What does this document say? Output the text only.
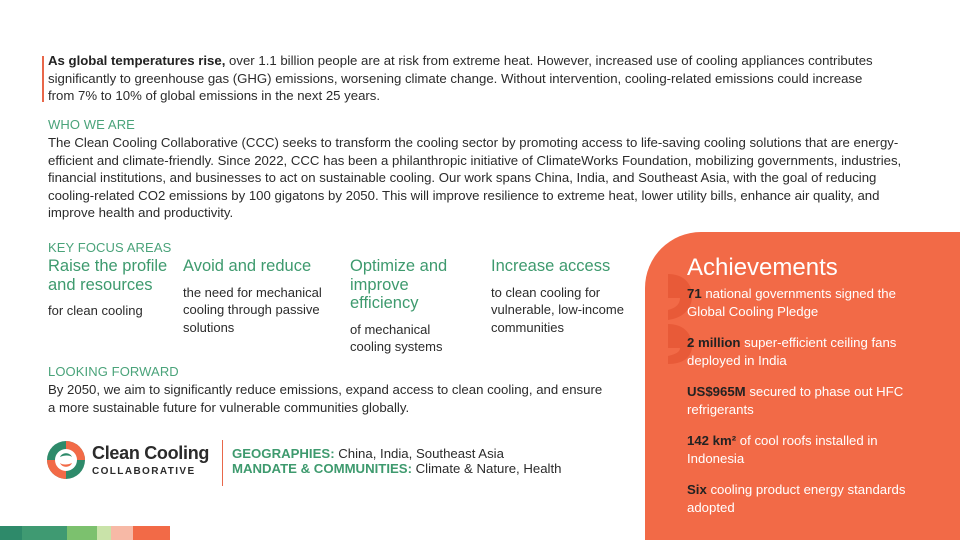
As global temperatures rise, over 1.1 billion people are at risk from extreme heat. However, increased use of cooling appliances contributes significantly to greenhouse gas (GHG) emissions, worsening climate change. Without intervention, cooling-related emissions could increase from 7% to 10% of global emissions in the next 25 years.

WHO WE ARE

The Clean Cooling Collaborative (CCC) seeks to transform the cooling sector by promoting access to life-saving cooling solutions that are energy-efficient and climate-friendly. Since 2022, CCC has been a philanthropic initiative of ClimateWorks Foundation, mobilizing governments, industries, financial institutions, and businesses to act on sustainable cooling. Our work spans China, India, and Southeast Asia, with the goal of reducing cooling-related CO2 emissions by 100 gigatons by 2050. This will improve resilience to extreme heat, lower utility bills, enhance air quality, and improve health and productivity.

KEY FOCUS AREAS
Raise the profile and resources
for clean cooling
Avoid and reduce
the need for mechanical cooling through passive solutions
Optimize and improve efficiency
of mechanical cooling systems
Increase access
to clean cooling for vulnerable, low-income communities
LOOKING FORWARD

By 2050, we aim to significantly reduce emissions, expand access to clean cooling, and ensure a more sustainable future for vulnerable communities globally.

Clean Cooling
COLLABORATIVE
GEOGRAPHIES: China, India, Southeast Asia
MANDATE & COMMUNITIES: Climate & Nature, Health
Achievements

71 national governments signed the Global Cooling Pledge

2 million super-efficient ceiling fans deployed in India

US$965M secured to phase out HFC refrigerants

142 km² of cool roofs installed in Indonesia

Six cooling product energy standards adopted
